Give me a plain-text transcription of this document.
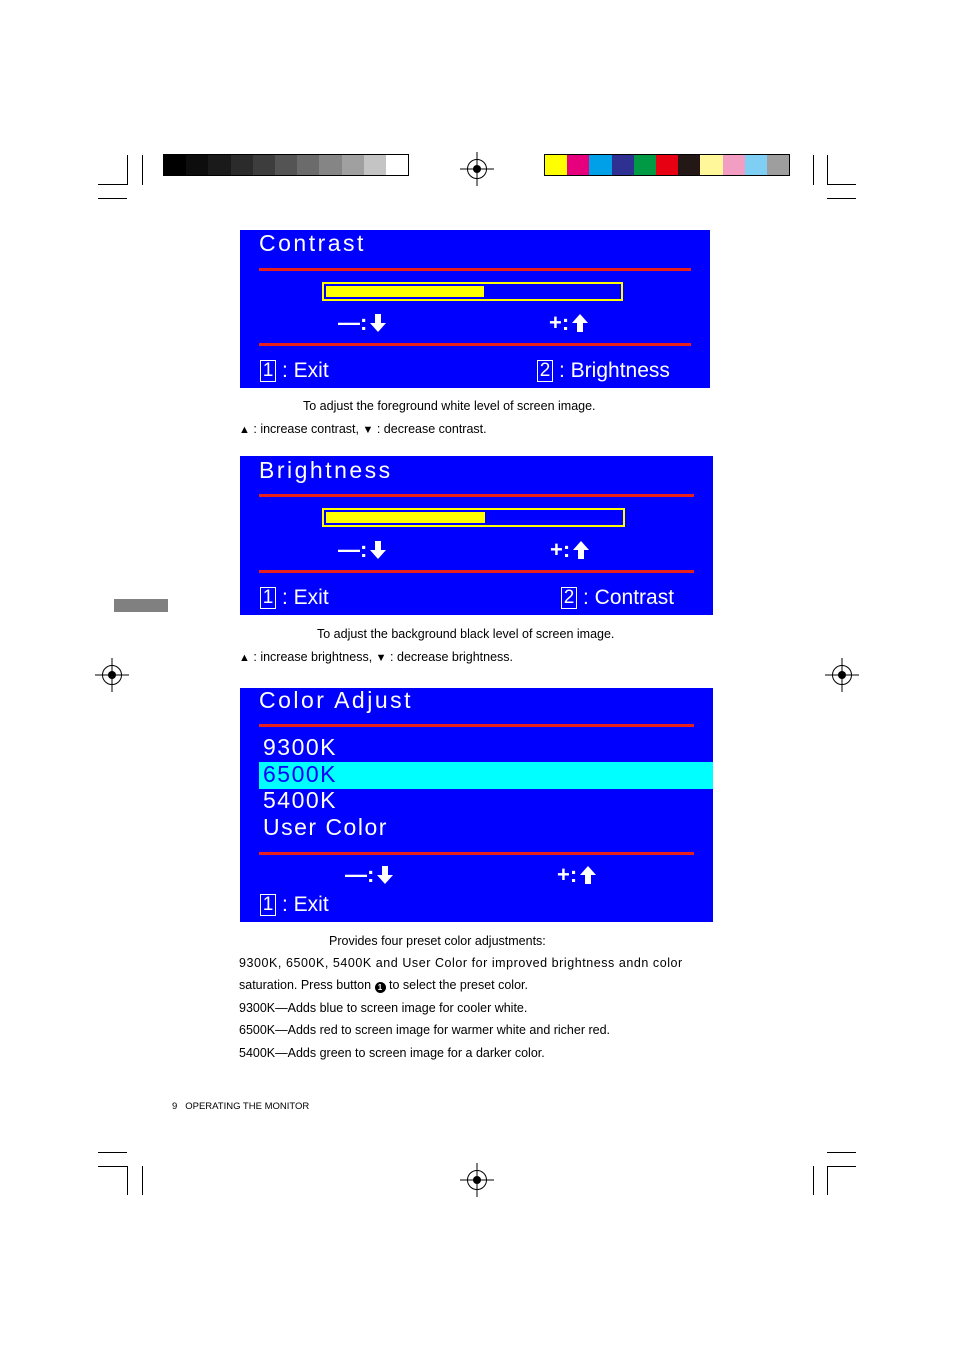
Contrast
—:	+:
1 : Exit	2 : Brightness
To adjust the foreground white level of screen image.
▲ : increase contrast, ▼ : decrease contrast.
Brightness
—:	+:
1 : Exit	2 : Contrast
To adjust the background black level of screen image.
▲ : increase brightness, ▼ : decrease brightness.
Color Adjust
9300K
6500K
5400K
User Color
—:	+:
1 : Exit
Provides four preset color adjustments:
9300K, 6500K, 5400K and User Color for improved brightness andn color
saturation. Press button 1 to select the preset color.
9300K—Adds blue to screen image for cooler white.
6500K—Adds red to screen image for warmer white and richer red.
5400K—Adds green to screen image for a darker color.
9 OPERATING THE MONITOR
